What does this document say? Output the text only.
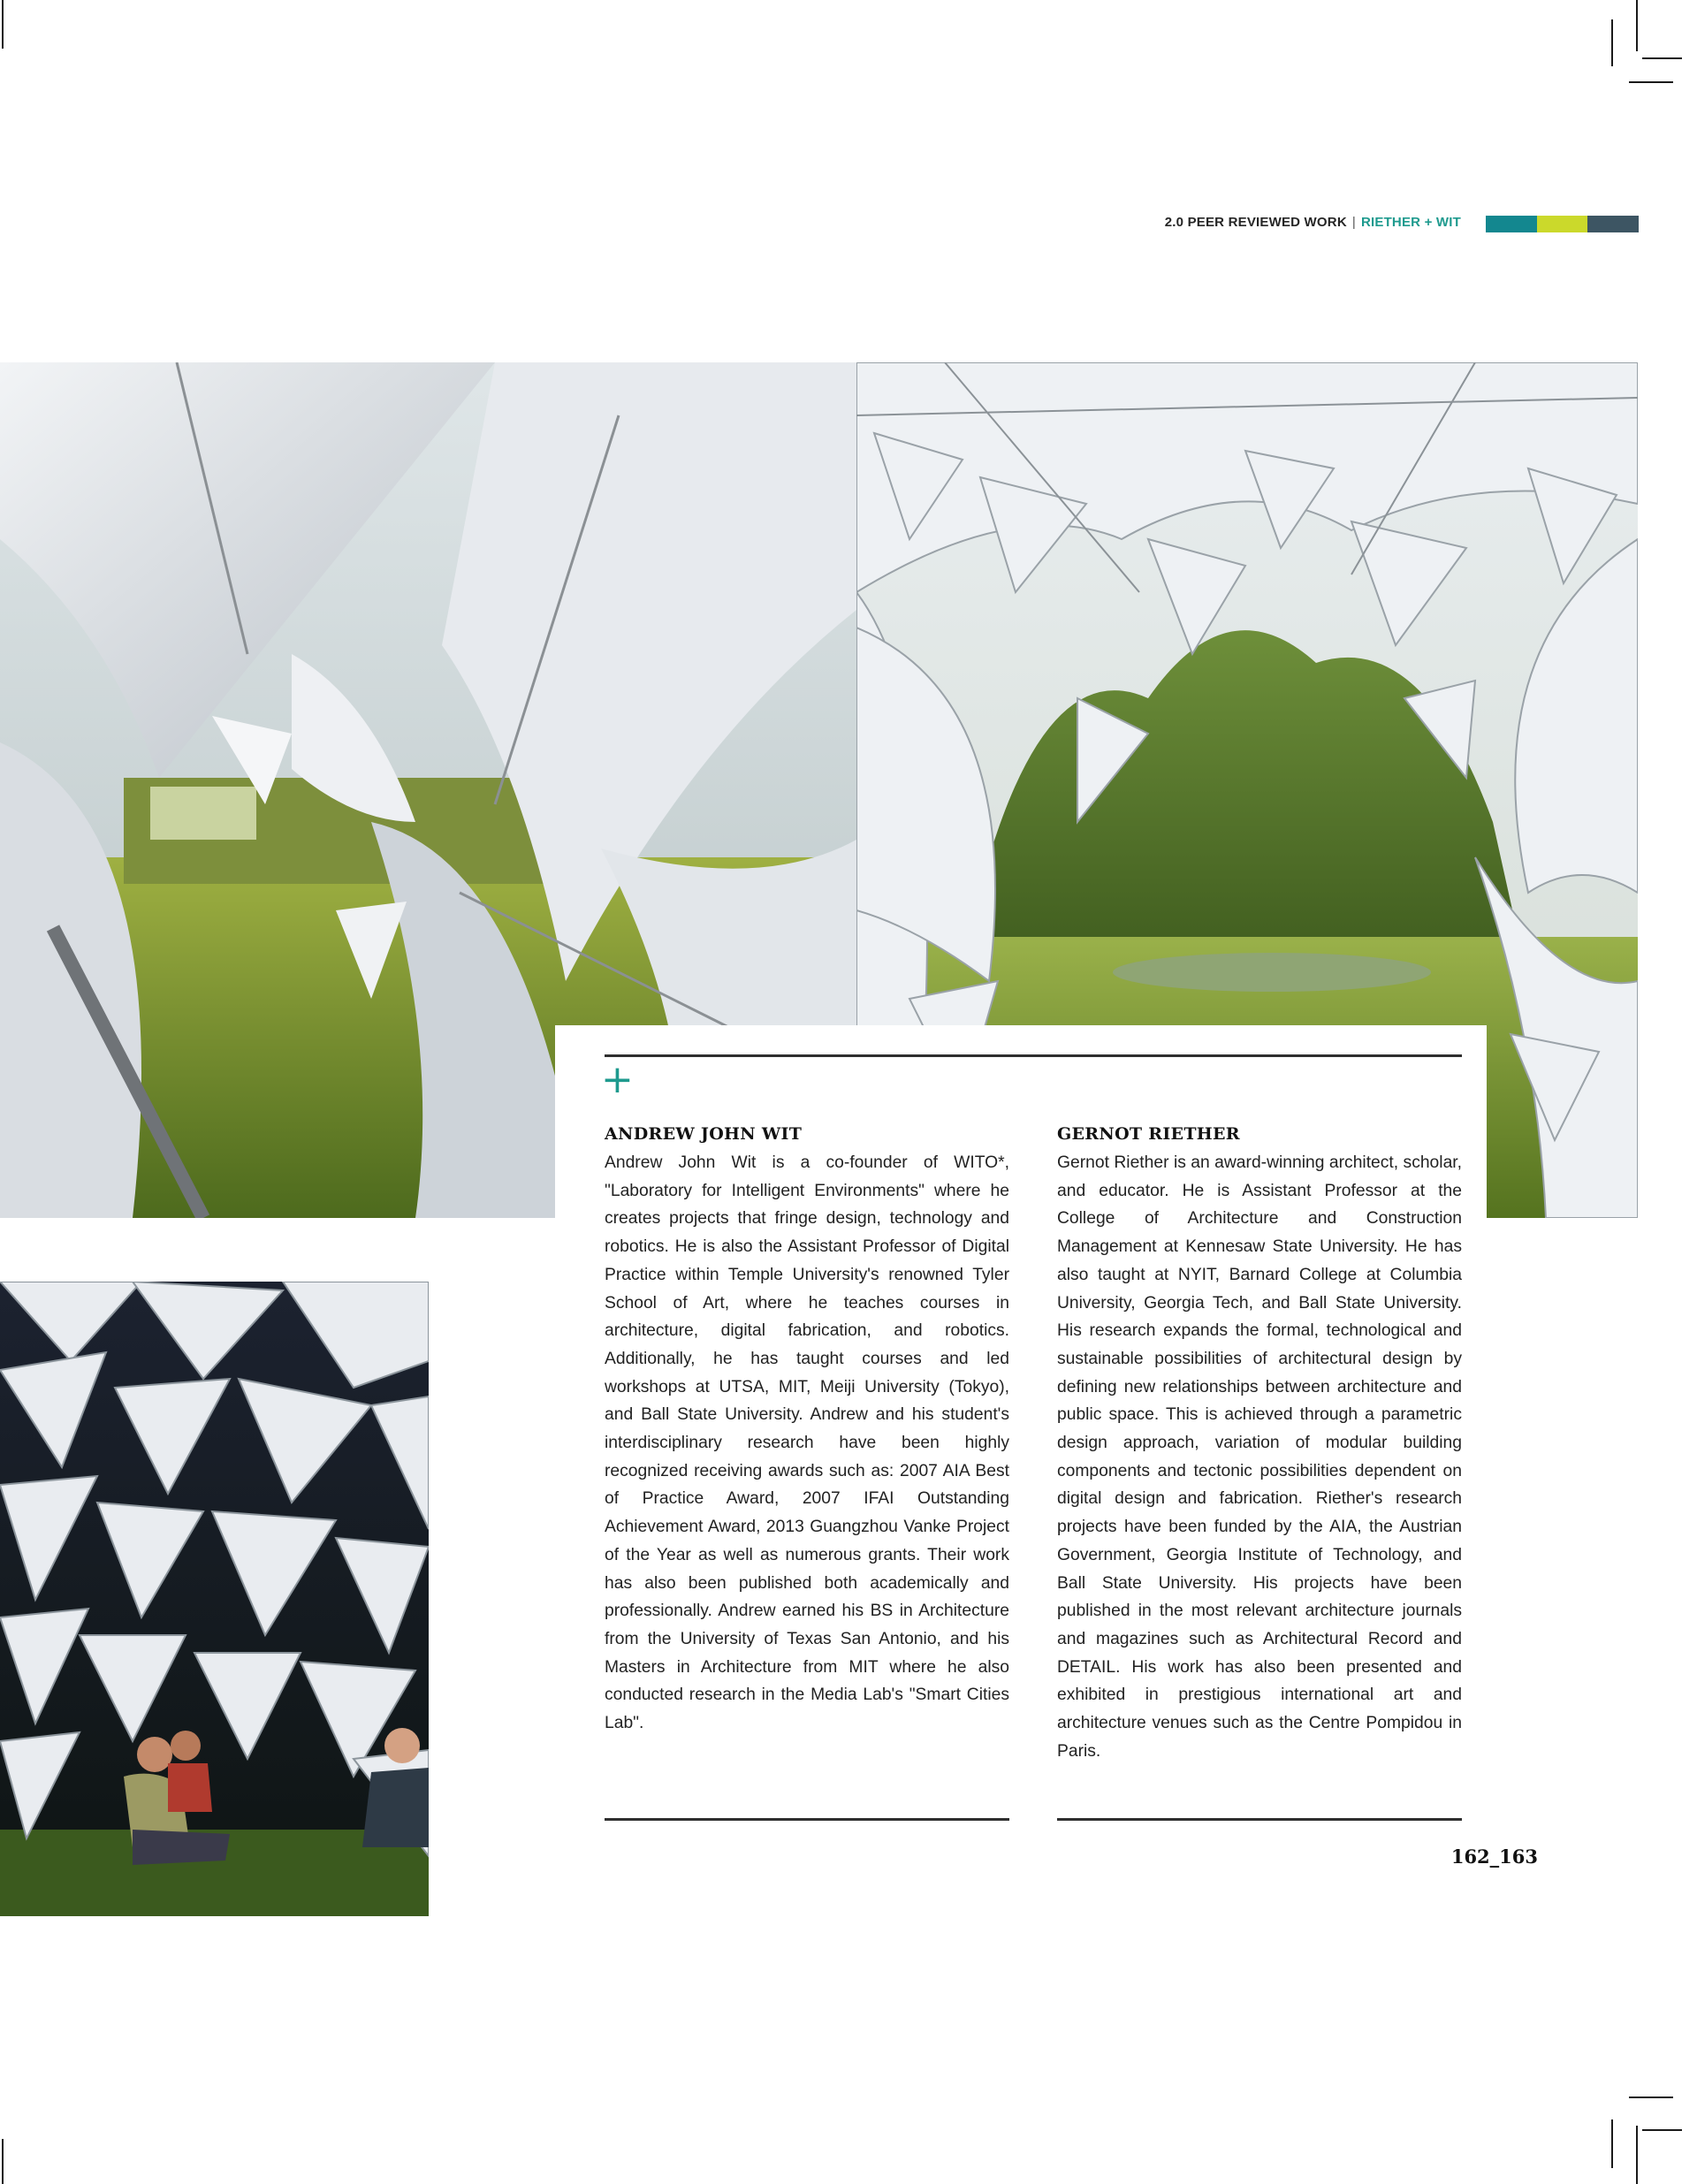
2.0 PEER REVIEWED WORK | RIETHER + WIT
+
ANDREW JOHN WIT

Andrew John Wit is a co-founder of WITO*, "Laboratory for Intelligent Environments" where he creates projects that fringe design, technology and robotics. He is also the Assistant Professor of Digital Practice within Temple University's renowned Tyler School of Art, where he teaches courses in architecture, digital fabrication, and robotics. Additionally, he has taught courses and led workshops at UTSA, MIT, Meiji University (Tokyo), and Ball State University. Andrew and his student's interdisciplinary research have been highly recognized receiving awards such as: 2007 AIA Best of Practice Award, 2007 IFAI Outstanding Achievement Award, 2013 Guangzhou Vanke Project of the Year as well as numerous grants. Their work has also been published both academically and professionally. Andrew earned his BS in Architecture from the University of Texas San Antonio, and his Masters in Architecture from MIT where he also conducted research in the Media Lab's "Smart Cities Lab".

GERNOT RIETHER

Gernot Riether is an award-winning architect, scholar, and educator. He is Assistant Professor at the College of Architecture and Construction Management at Kennesaw State University. He has also taught at NYIT, Barnard College at Columbia University, Georgia Tech, and Ball State University. His research expands the formal, technological and sustainable possibilities of architectural design by defining new relationships between architecture and public space. This is achieved through a parametric design approach, variation of modular building components and tectonic possibilities dependent on digital design and fabrication. Riether's research projects have been funded by the AIA, the Austrian Government, Georgia Institute of Technology, and Ball State University. His projects have been published in the most relevant architecture journals and magazines such as Architectural Record and DETAIL. His work has also been presented and exhibited in prestigious international art and architecture venues such as the Centre Pompidou in Paris.

162_163
